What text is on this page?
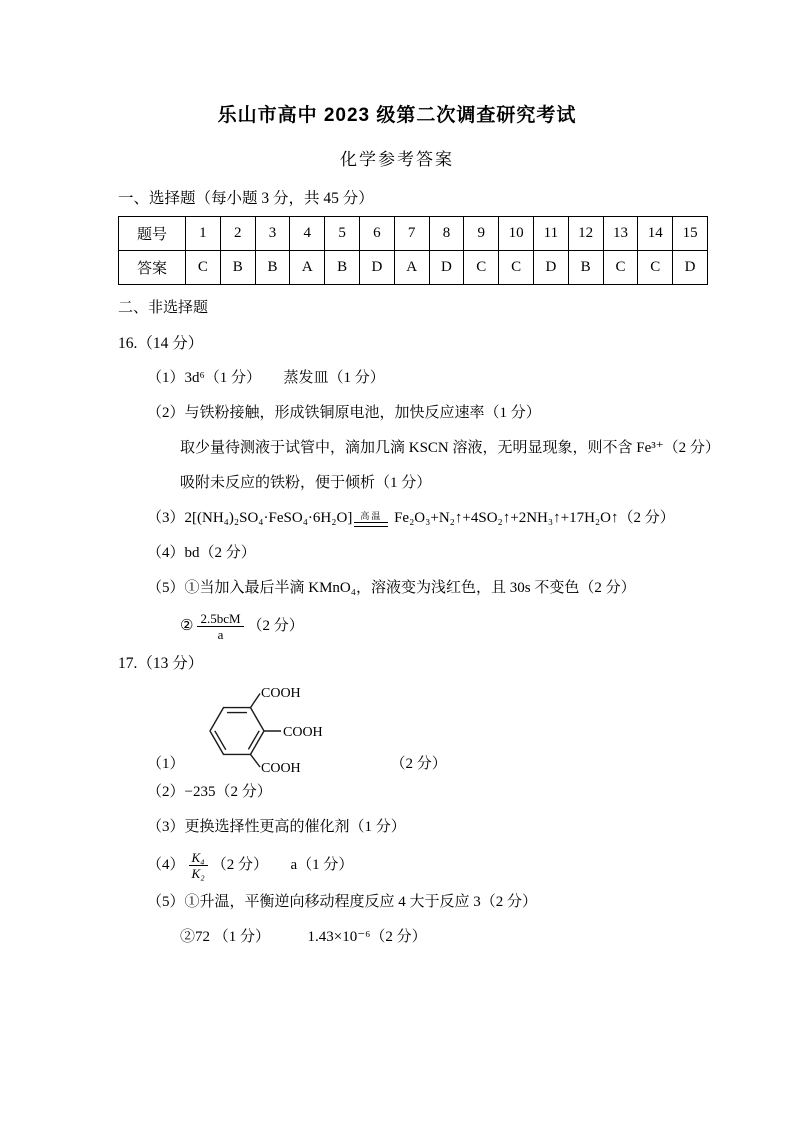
乐山市高中 2023 级第二次调查研究考试
化学参考答案
一、选择题（每小题 3 分，共 45 分）
题号	1	2	3	4	5	6	7	8	9	10	11	12	13	14	15
答案	C	B	B	A	B	D	A	D	C	C	D	B	C	C	D
二、非选择题
16.（14 分）
（1）3d⁶（1 分）　　蒸发皿（1 分）
（2）与铁粉接触，形成铁铜原电池，加快反应速率（1 分）
取少量待测液于试管中，滴加几滴 KSCN 溶液，无明显现象，则不含 Fe³⁺（2 分）
吸附未反应的铁粉，便于倾析（1 分）
（3）2[(NH₄)₂SO₄·FeSO₄·6H₂O] 高温 Fe₂O₃+N₂↑+4SO₂↑+2NH₃↑+17H₂O↑（2 分）
（4）bd（2 分）
（5）①当加入最后半滴 KMnO₄，溶液变为浅红色，且 30s 不变色（2 分）
② $\frac{\text{2.5bcM}}{a} (2$ 分）
17.（13 分）
（1）
COOH
COOH
COOH	（2 分）
（2）−235（2 分）
（3）更换选择性更高的催化剂（1 分）
$(4) \frac{\text{K₄}}{\text{K₂}} (2$ 分）　　a（1 分）
（5）①升温，平衡逆向移动程度反应 4 大于反应 3（2 分）
②72 （1 分）　　　1.43×10⁻⁶（2 分）
